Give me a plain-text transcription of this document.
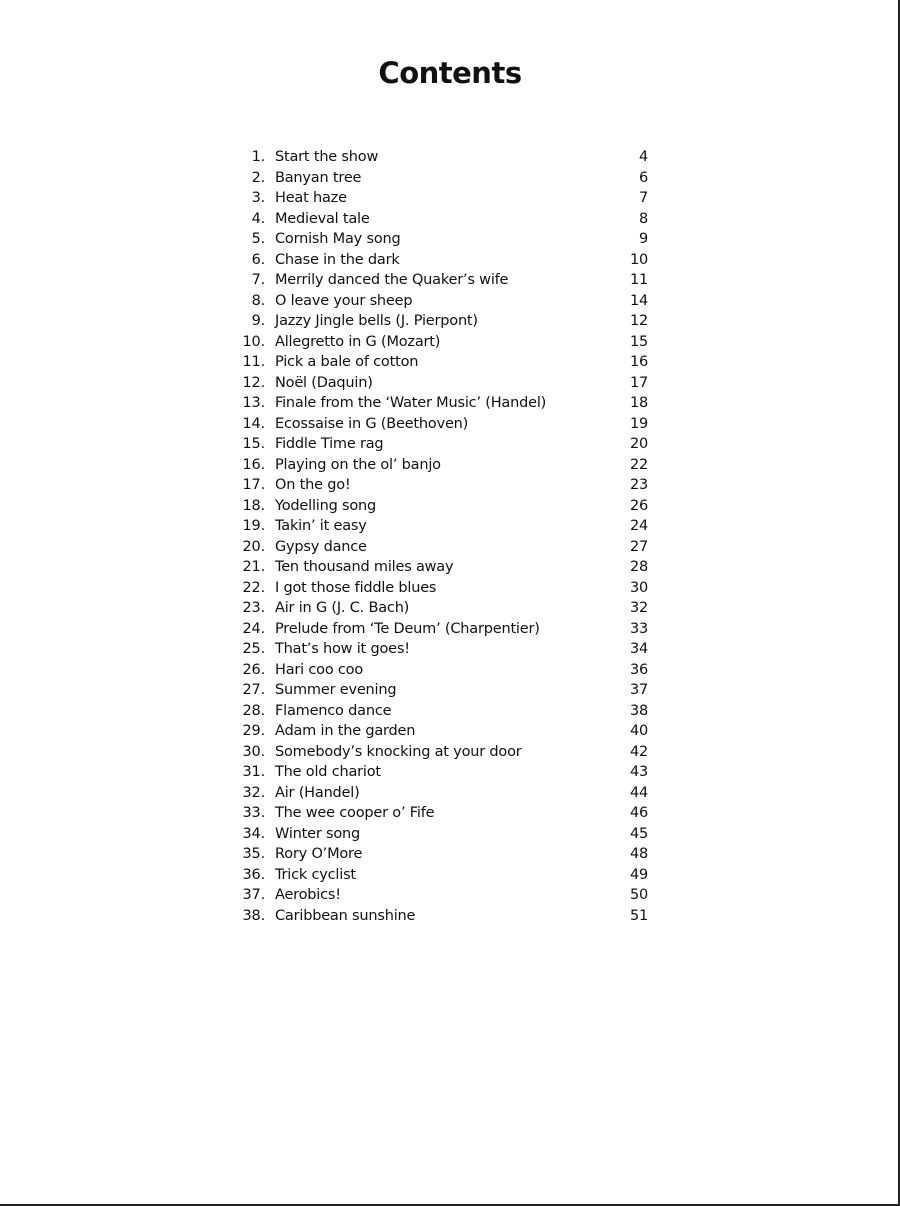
Contents
1. Start the show	4
2. Banyan tree	6
3. Heat haze	7
4. Medieval tale	8
5. Cornish May song	9
6. Chase in the dark	10
7. Merrily danced the Quaker’s wife	11
8. O leave your sheep	14
9. Jazzy Jingle bells (J. Pierpont)	12
10. Allegretto in G (Mozart)	15
11. Pick a bale of cotton	16
12. Noël (Daquin)	17
13. Finale from the ‘Water Music’ (Handel)	18
14. Ecossaise in G (Beethoven)	19
15. Fiddle Time rag	20
16. Playing on the ol’ banjo	22
17. On the go!	23
18. Yodelling song	26
19. Takin’ it easy	24
20. Gypsy dance	27
21. Ten thousand miles away	28
22. I got those fiddle blues	30
23. Air in G (J. C. Bach)	32
24. Prelude from ‘Te Deum’ (Charpentier)	33
25. That’s how it goes!	34
26. Hari coo coo	36
27. Summer evening	37
28. Flamenco dance	38
29. Adam in the garden	40
30. Somebody’s knocking at your door	42
31. The old chariot	43
32. Air (Handel)	44
33. The wee cooper o’ Fife	46
34. Winter song	45
35. Rory O’More	48
36. Trick cyclist	49
37. Aerobics!	50
38. Caribbean sunshine	51
